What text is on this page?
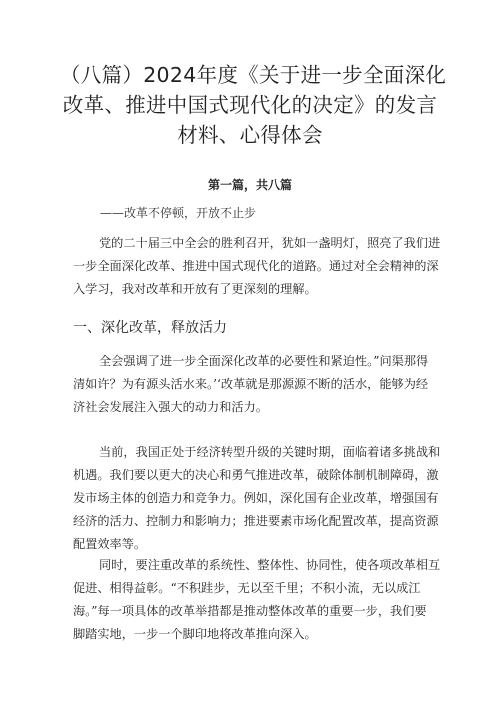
（八篇）2024年度《关于进一步全面深化
改革、推进中国式现代化的决定》的发言
材料、心得体会
第一篇，共八篇
——改革不停顿，开放不止步
党的二十届三中全会的胜利召开，犹如一盏明灯，照亮了我们进
一步全面深化改革、推进中国式现代化的道路。通过对全会精神的深
入学习，我对改革和开放有了更深刻的理解。
一、深化改革，释放活力
全会强调了进一步全面深化改革的必要性和紧迫性。”问渠那得
清如许？为有源头活水来。’‘改革就是那源源不断的活水，能够为经
济社会发展注入强大的动力和活力。
当前，我国正处于经济转型升级的关键时期，面临着诸多挑战和
机遇。我们要以更大的决心和勇气推进改革，破除体制机制障碍，激
发市场主体的创造力和竞争力。例如，深化国有企业改革，增强国有
经济的活力、控制力和影响力；推进要素市场化配置改革，提高资源
配置效率等。
同时，要注重改革的系统性、整体性、协同性，使各项改革相互
促进、相得益彰。“不积跬步，无以至千里；不积小流，无以成江
海。”每一项具体的改革举措都是推动整体改革的重要一步，我们要
脚踏实地，一步一个脚印地将改革推向深入。
